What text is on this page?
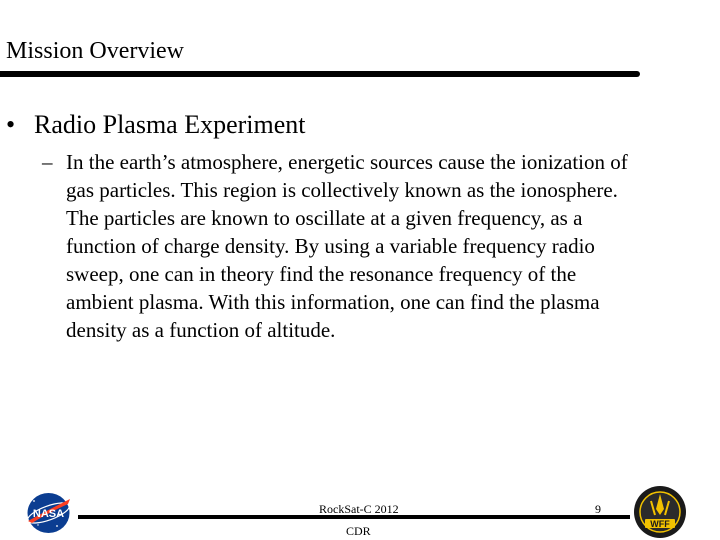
Mission Overview
• Radio Plasma Experiment
– In the earth’s atmosphere, energetic sources cause the ionization of gas particles. This region is collectively known as the ionosphere. The particles are known to oscillate at a given frequency, as a function of charge density. By using a variable frequency radio sweep, one can in theory find the resonance frequency of the ambient plasma. With this information, one can find the plasma density as a function of altitude.
NASA	RockSat-C 2012
CDR
9
WFF
